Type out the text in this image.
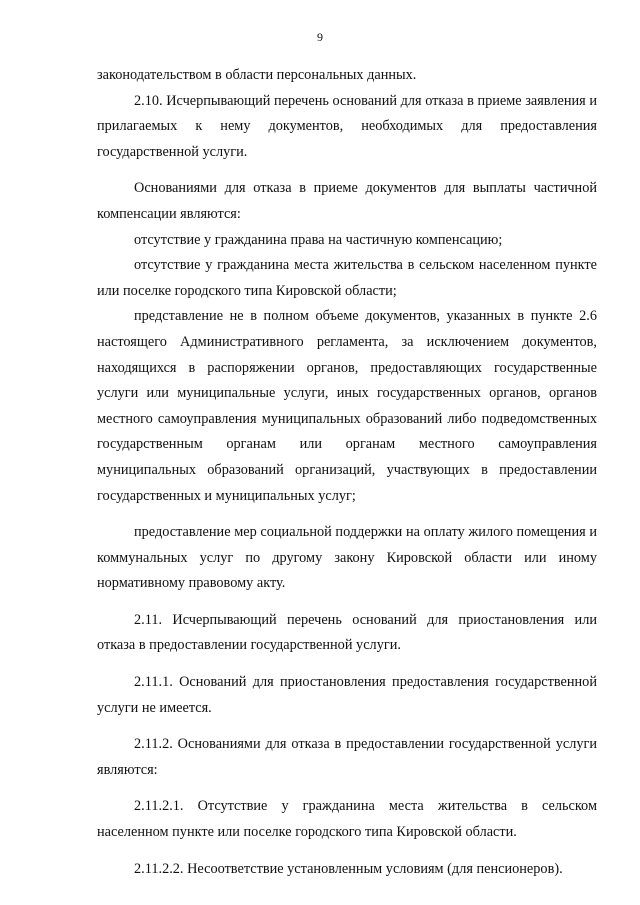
9

законодательством в области персональных данных.

2.10. Исчерпывающий перечень оснований для отказа в приеме заявления и прилагаемых к нему документов, необходимых для предоставления государственной услуги.

Основаниями для отказа в приеме документов для выплаты частичной компенсации являются:

отсутствие у гражданина права на частичную компенсацию;

отсутствие у гражданина места жительства в сельском населенном пункте или поселке городского типа Кировской области;

представление не в полном объеме документов, указанных в пункте 2.6 настоящего Административного регламента, за исключением документов, находящихся в распоряжении органов, предоставляющих государственные услуги или муниципальные услуги, иных государственных органов, органов местного самоуправления муниципальных образований либо подведомственных государственным органам или органам местного самоуправления муниципальных образований организаций, участвующих в предоставлении государственных и муниципальных услуг;

предоставление мер социальной поддержки на оплату жилого помещения и коммунальных услуг по другому закону Кировской области или иному нормативному правовому акту.

2.11. Исчерпывающий перечень оснований для приостановления или отказа в предоставлении государственной услуги.

2.11.1. Оснований для приостановления предоставления государственной услуги не имеется.

2.11.2. Основаниями для отказа в предоставлении государственной услуги являются:

2.11.2.1. Отсутствие у гражданина места жительства в сельском населенном пункте или поселке городского типа Кировской области.

2.11.2.2. Несоответствие установленным условиям (для пенсионеров).
